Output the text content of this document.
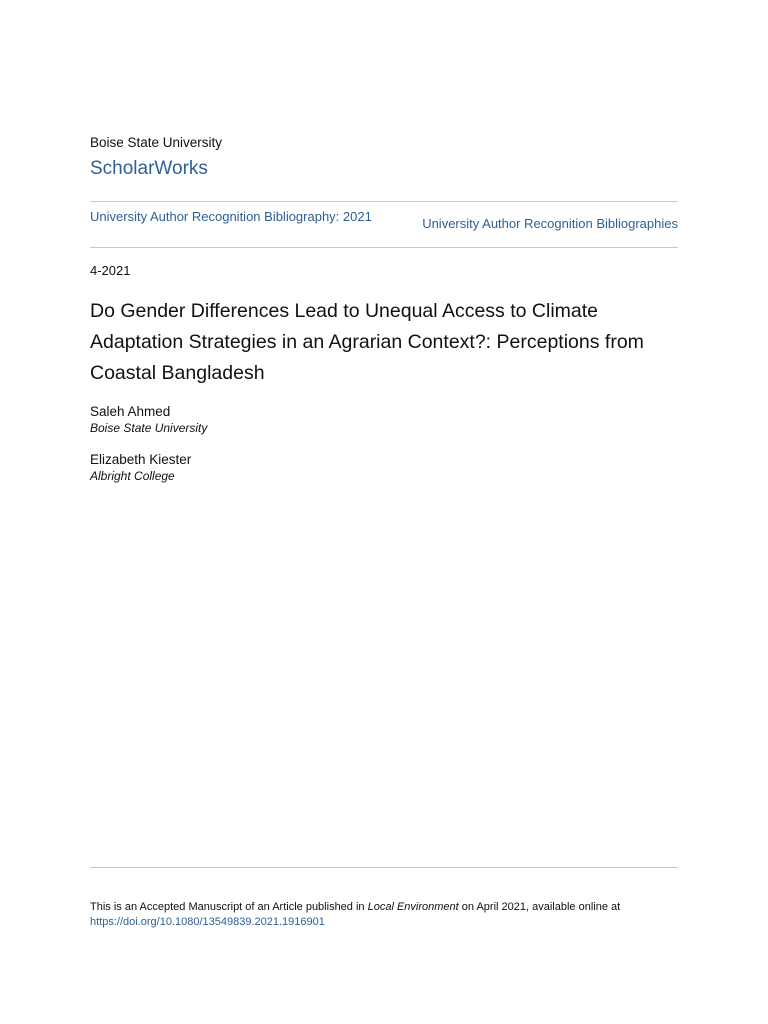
Boise State University
ScholarWorks
University Author Recognition Bibliography: 2021	University Author Recognition Bibliographies
4-2021
Do Gender Differences Lead to Unequal Access to Climate Adaptation Strategies in an Agrarian Context?: Perceptions from Coastal Bangladesh
Saleh Ahmed
Boise State University
Elizabeth Kiester
Albright College
This is an Accepted Manuscript of an Article published in Local Environment on April 2021, available online at
https://doi.org/10.1080/13549839.2021.1916901
